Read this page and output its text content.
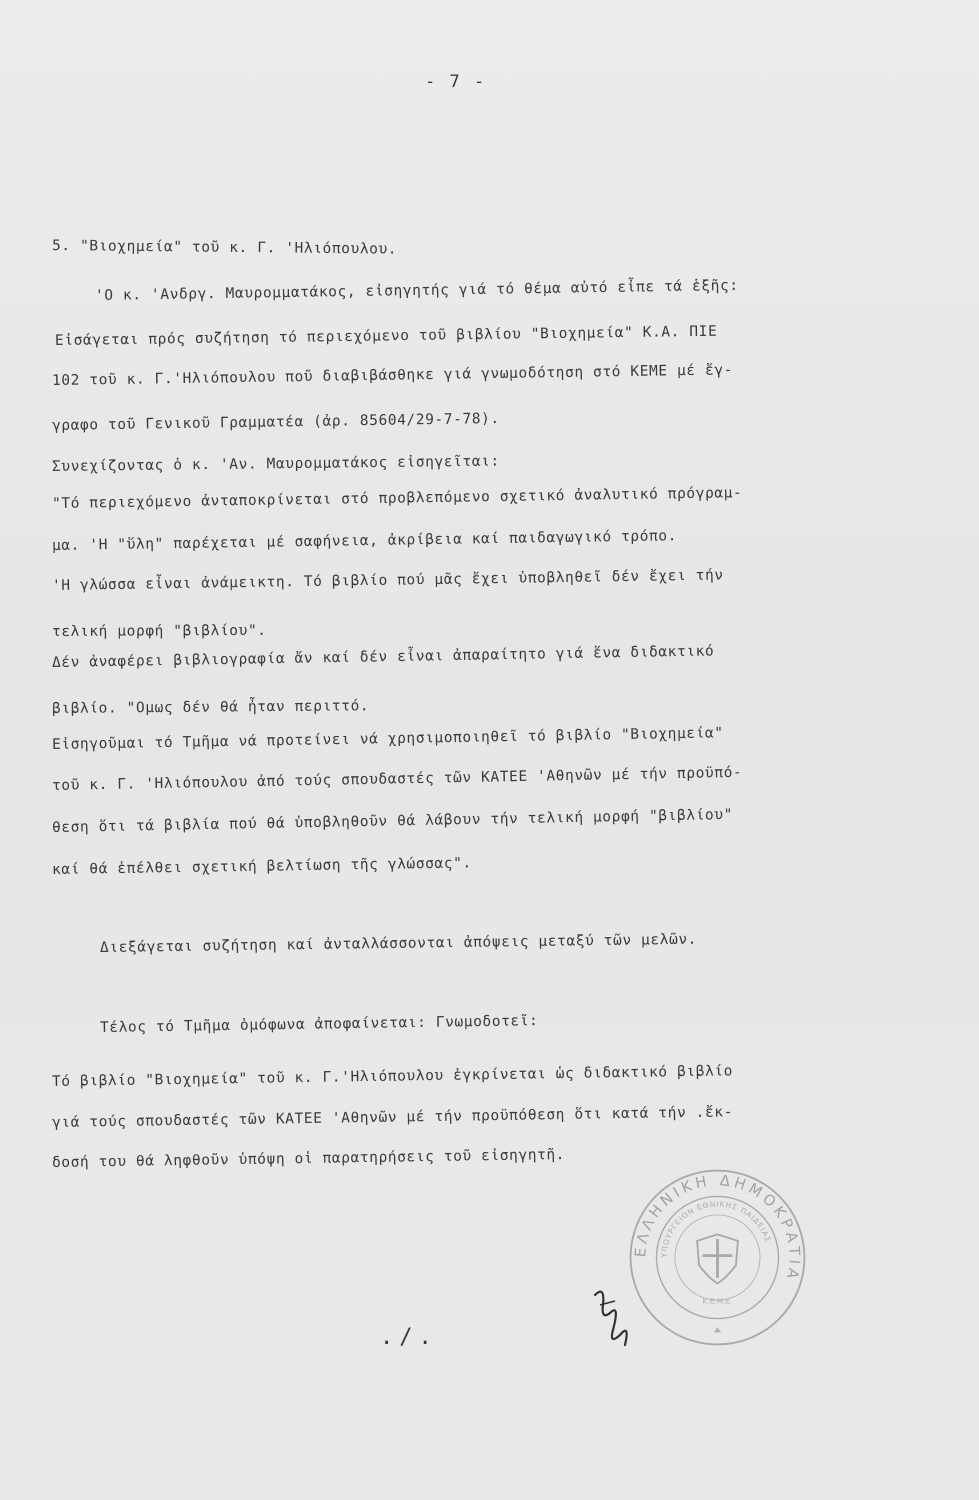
- 7 -
5. "Βιοχημεία" τοῦ κ. Γ. 'Ηλιόπουλου.
'Ο κ. 'Ανδργ. Μαυρομματάκος, εἰσηγητής γιά τό θέμα αὐτό εἶπε τά ἑξῆς:
Εἰσάγεται πρός συζήτηση τό περιεχόμενο τοῦ βιβλίου "Βιοχημεία" Κ.Α. ΠΙΕ
102 τοῦ κ. Γ.'Ηλιόπουλου ποῦ διαβιβάσθηκε γιά γνωμοδότηση στό ΚΕΜΕ μέ ἔγ-
γραφο τοῦ Γενικοῦ Γραμματέα (ἀρ. 85604/29-7-78).
Συνεχίζοντας ὁ κ. 'Αν. Μαυρομματάκος εἰσηγεῖται:
"Τό περιεχόμενο ἀνταποκρίνεται στό προβλεπόμενο σχετικό ἀναλυτικό πρόγραμ-
μα. 'Η "ὕλη" παρέχεται μέ σαφήνεια, ἀκρίβεια καί παιδαγωγικό τρόπο.
'Η γλώσσα εἶναι ἀνάμεικτη. Τό βιβλίο πού μᾶς ἔχει ὑποβληθεῖ δέν ἔχει τήν
τελική μορφή "βιβλίου".
Δέν ἀναφέρει βιβλιογραφία ἄν καί δέν εἶναι ἀπαραίτητο γιά ἕνα διδακτικό
βιβλίο. "Ομως δέν θά ἦταν περιττό.
Εἰσηγοῦμαι τό Τμῆμα νά προτείνει νά χρησιμοποιηθεῖ τό βιβλίο "Βιοχημεία"
τοῦ κ. Γ. 'Ηλιόπουλου ἀπό τούς σπουδαστές τῶν ΚΑΤΕΕ 'Αθηνῶν μέ τήν προϋπό-
θεση ὅτι τά βιβλία πού θά ὑποβληθοῦν θά λάβουν τήν τελική μορφή "βιβλίου"
καί θά ἐπέλθει σχετική βελτίωση τῆς γλώσσας".
Διεξάγεται συζήτηση καί ἀνταλλάσσονται ἀπόψεις μεταξύ τῶν μελῶν.
Τέλος τό Τμῆμα ὁμόφωνα ἀποφαίνεται: Γνωμοδοτεῖ:
Τό βιβλίο "Βιοχημεία" τοῦ κ. Γ.'Ηλιόπουλου ἐγκρίνεται ὡς διδακτικό βιβλίο
γιά τούς σπουδαστές τῶν ΚΑΤΕΕ 'Αθηνῶν μέ τήν προϋπόθεση ὅτι κατά τήν .ἔκ-
δοσή του θά ληφθοῦν ὑπόψη οἱ παρατηρήσεις τοῦ εἰσηγητῆ.
ΕΛΛΗΝΙΚΗ ΔΗΜΟΚΡΑΤΙΑ
ΥΠΟΥΡΓΕΙΟΝ ΕΘΝΙΚΗΣ ΠΑΙΔΕΙΑΣ
Κ.Ε.Μ.Ε.
./.
